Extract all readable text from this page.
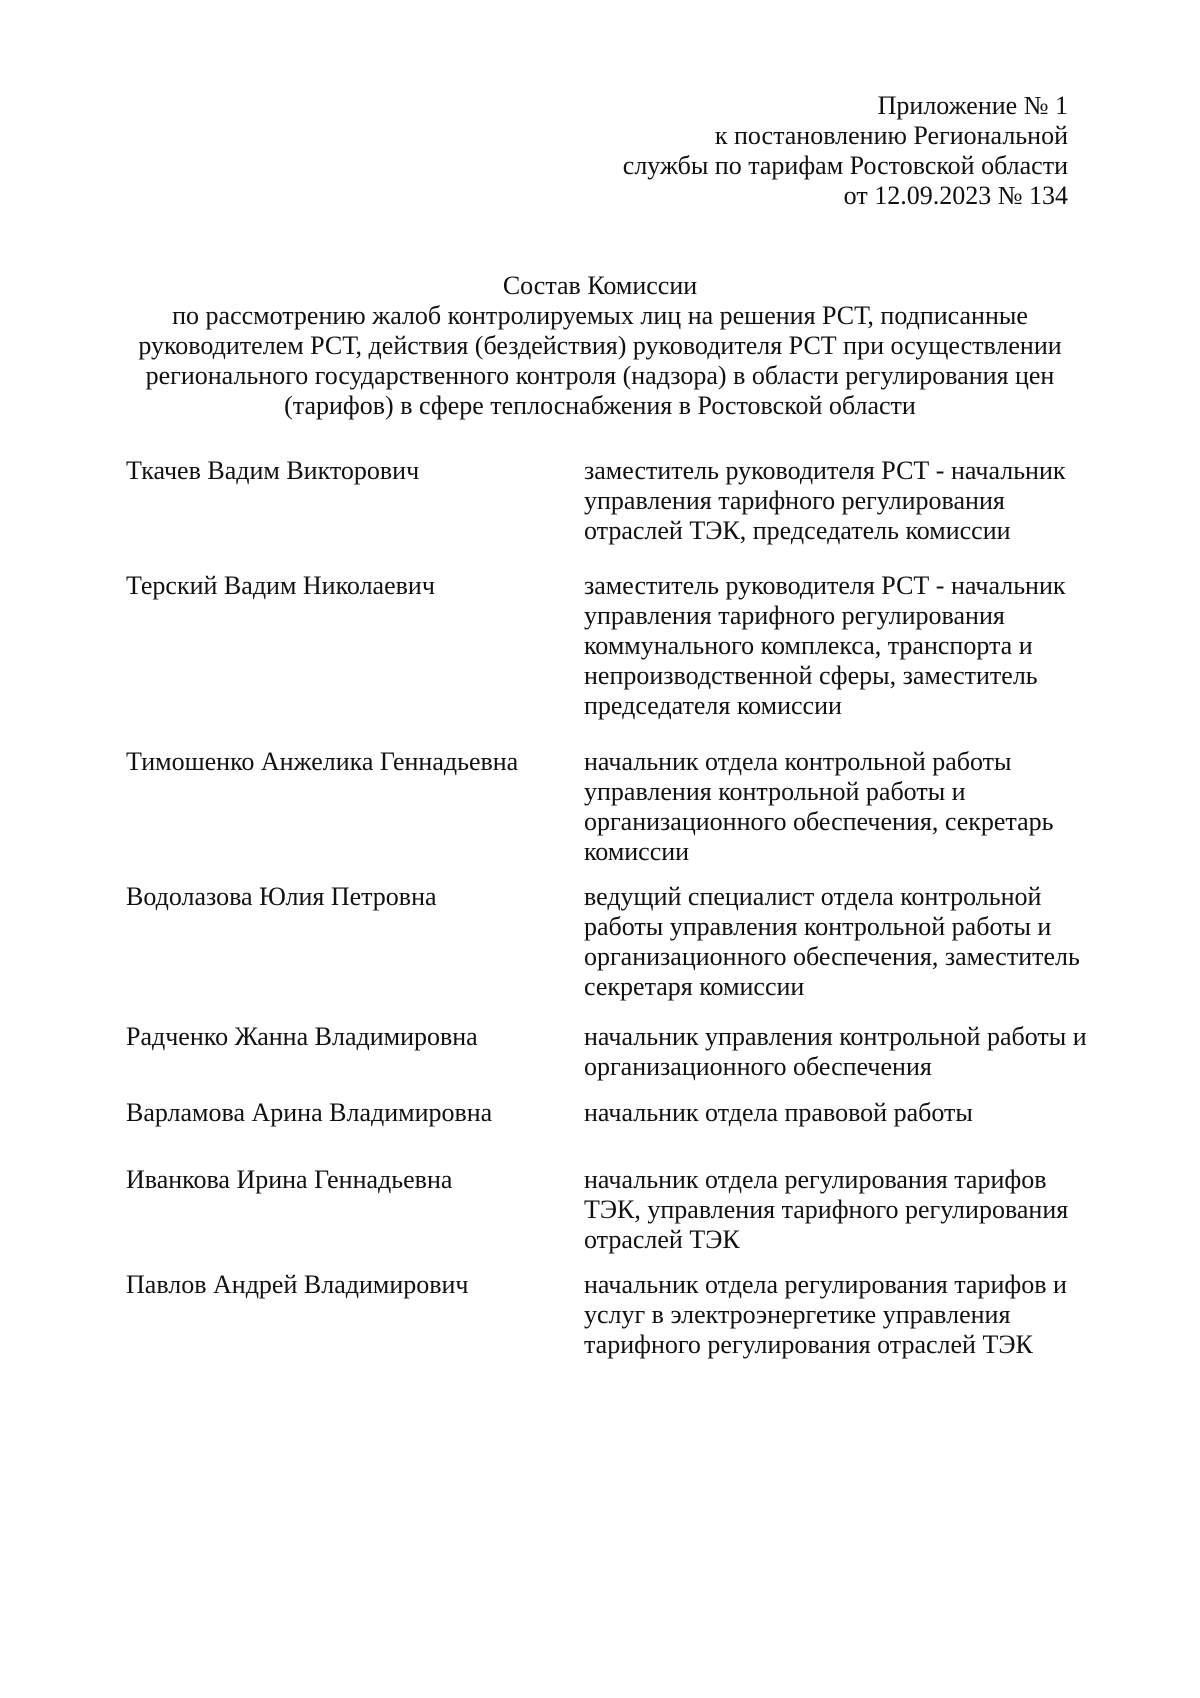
Приложение № 1
к постановлению Региональной
службы по тарифам Ростовской области
от 12.09.2023 № 134
Состав Комиссии
по рассмотрению жалоб контролируемых лиц на решения РСТ, подписанные
руководителем РСТ, действия (бездействия) руководителя РСТ при осуществлении
регионального государственного контроля (надзора) в области регулирования цен
(тарифов) в сфере теплоснабжения в Ростовской области
Ткачев Вадим Викторович	заместитель руководителя РСТ - начальник
управления тарифного регулирования
отраслей ТЭК, председатель комиссии
Терский Вадим Николаевич	заместитель руководителя РСТ - начальник
управления тарифного регулирования
коммунального комплекса, транспорта и
непроизводственной сферы, заместитель
председателя комиссии
Тимошенко Анжелика Геннадьевна	начальник отдела контрольной работы
управления контрольной работы и
организационного обеспечения, секретарь
комиссии
Водолазова Юлия Петровна	ведущий специалист отдела контрольной
работы управления контрольной работы и
организационного обеспечения, заместитель
секретаря комиссии
Радченко Жанна Владимировна	начальник управления контрольной работы и
организационного обеспечения
Варламова Арина Владимировна	начальник отдела правовой работы
Иванкова Ирина Геннадьевна	начальник отдела регулирования тарифов
ТЭК, управления тарифного регулирования
отраслей ТЭК
Павлов Андрей Владимирович	начальник отдела регулирования тарифов и
услуг в электроэнергетике управления
тарифного регулирования отраслей ТЭК
